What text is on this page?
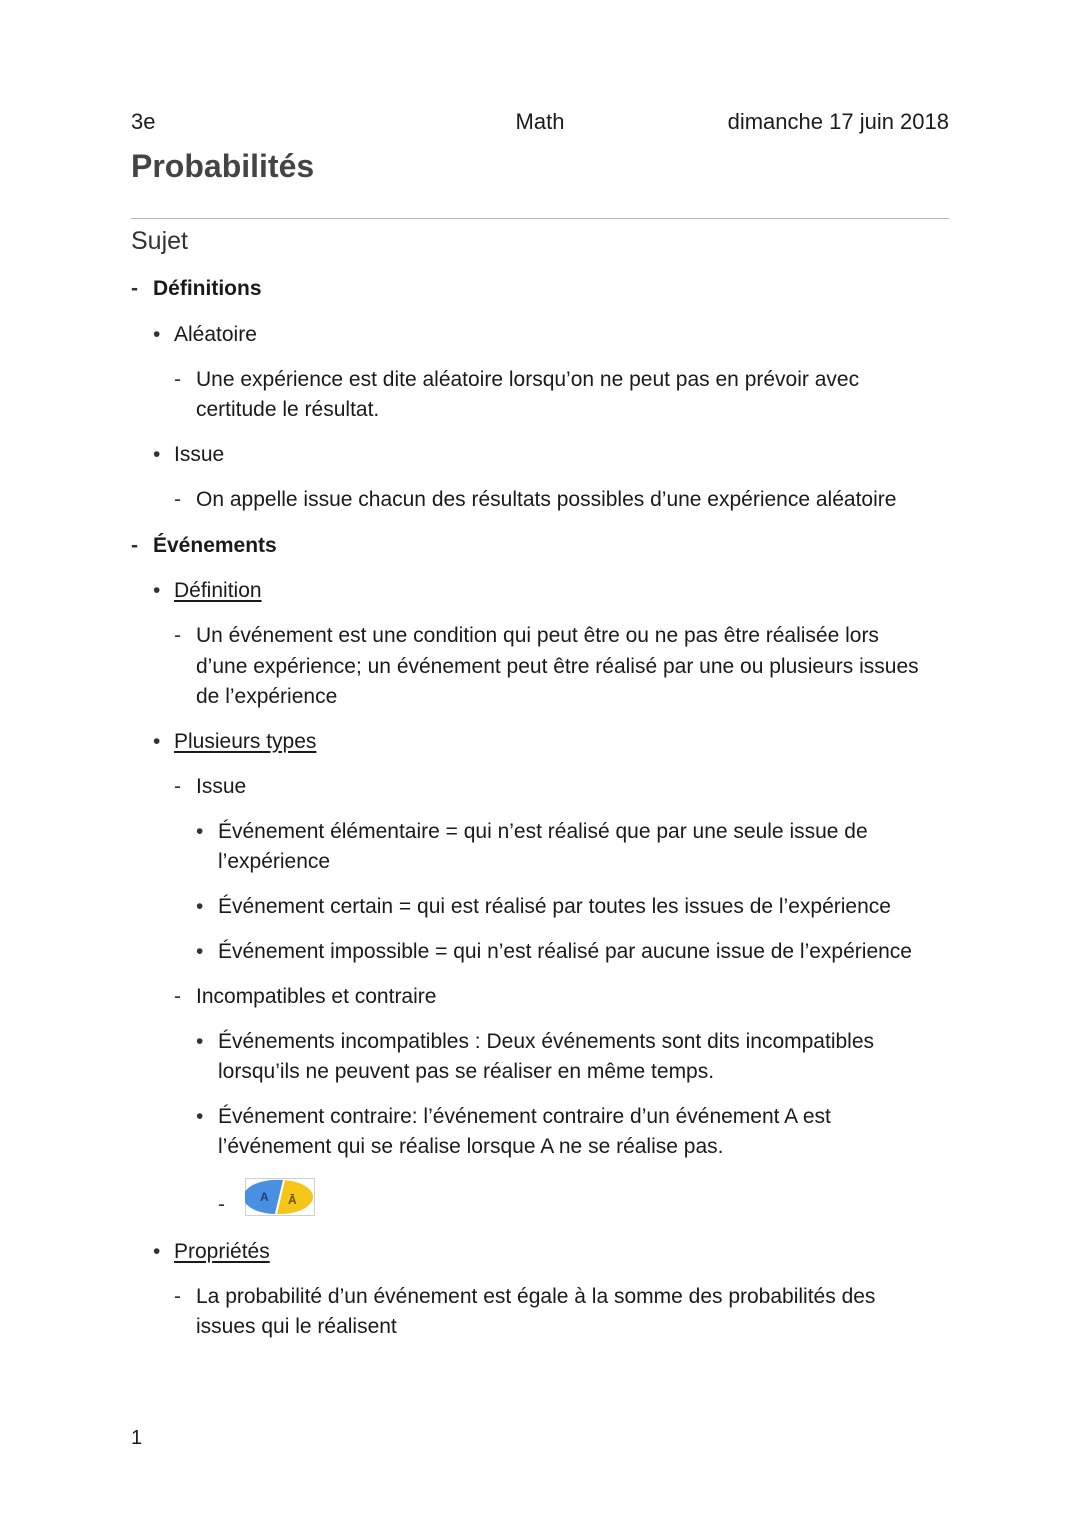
3e	Math	dimanche 17 juin 2018
Probabilités
Sujet
- Définitions
• Aléatoire
- Une expérience est dite aléatoire lorsqu’on ne peut pas en prévoir avec
certitude le résultat.
• Issue
- On appelle issue chacun des résultats possibles d’une expérience aléatoire
- Événements
• Définition
- Un événement est une condition qui peut être ou ne pas être réalisée lors
d’une expérience; un événement peut être réalisé par une ou plusieurs issues
de l’expérience
• Plusieurs types
- Issue
• Événement élémentaire = qui n’est réalisé que par une seule issue de
l’expérience
• Événement certain = qui est réalisé par toutes les issues de l’expérience
• Événement impossible = qui n’est réalisé par aucune issue de l’expérience
- Incompatibles et contraire
• Événements incompatibles : Deux événements sont dits incompatibles
lorsqu’ils ne peuvent pas se réaliser en même temps.
• Événement contraire: l’événement contraire d’un événement A est
l’événement qui se réalise lorsque A ne se réalise pas.
-	A Ā
• Propriétés
- La probabilité d’un événement est égale à la somme des probabilités des
issues qui le réalisent
1
